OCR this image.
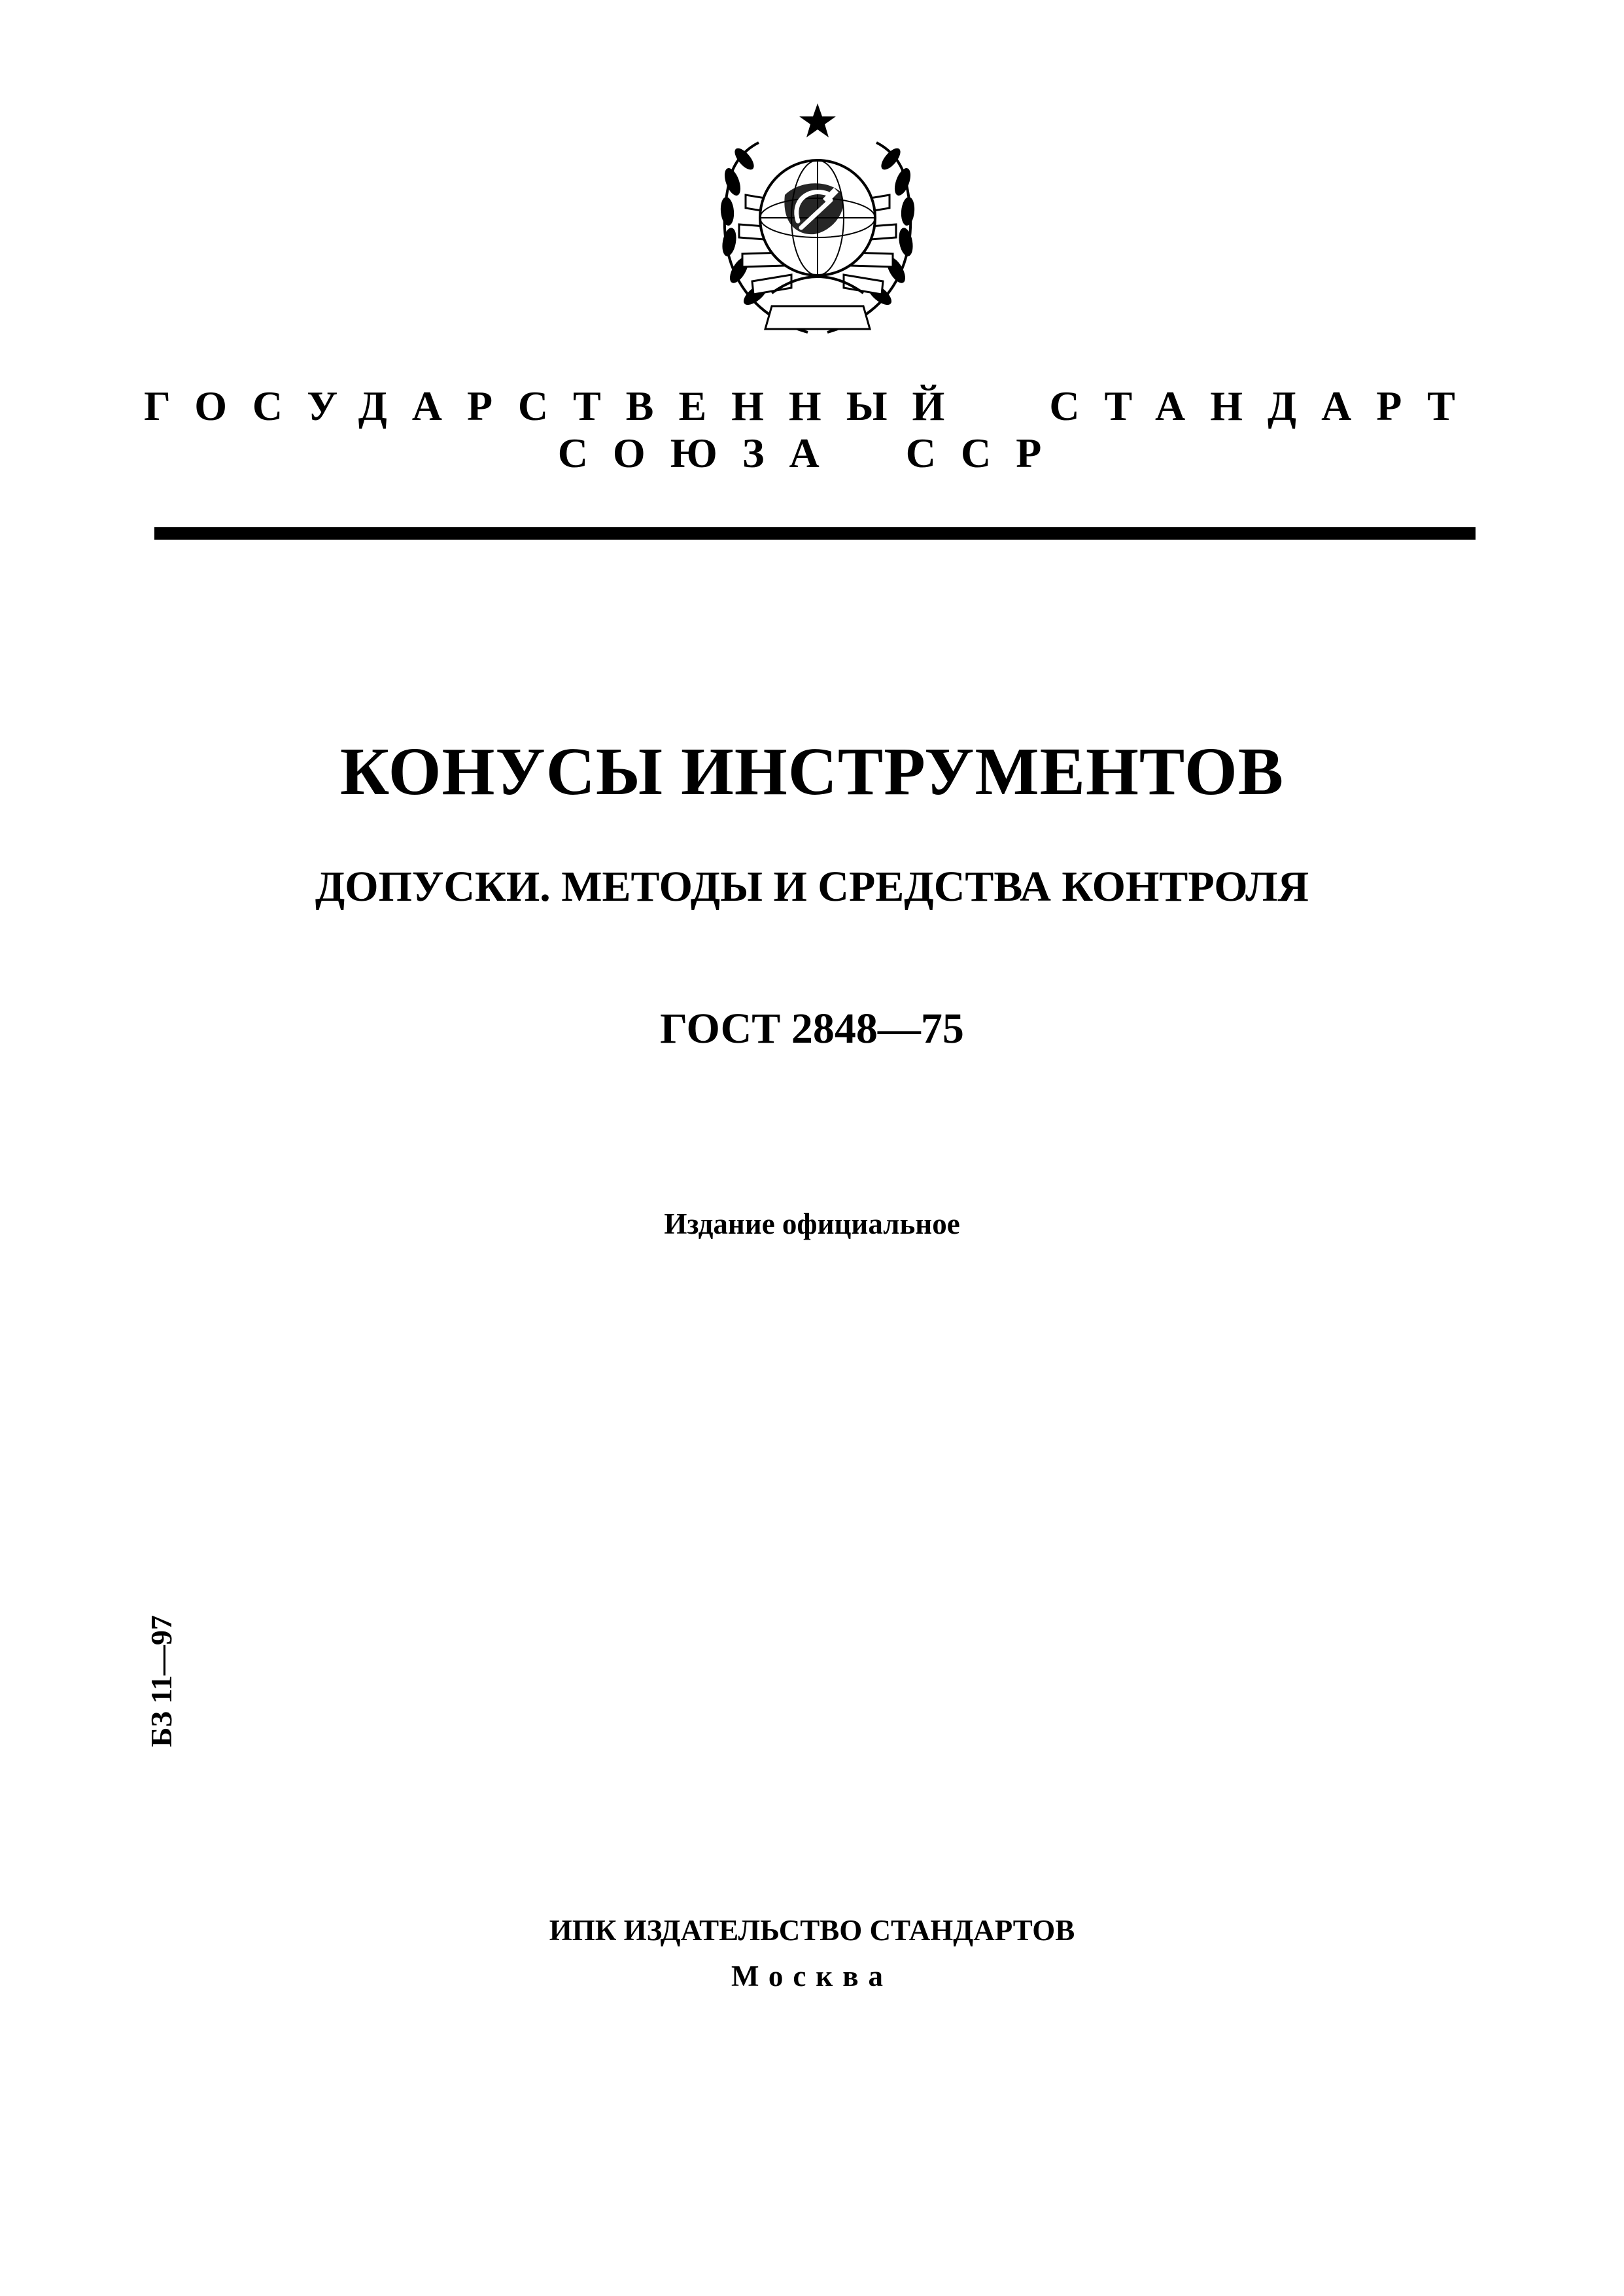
ГОСУДАРСТВЕННЫЙ СТАНДАРТ
СОЮЗА ССР
КОНУСЫ ИНСТРУМЕНТОВ
ДОПУСКИ. МЕТОДЫ И СРЕДСТВА КОНТРОЛЯ
ГОСТ 2848—75
Издание официальное
БЗ 11—97
ИПК ИЗДАТЕЛЬСТВО СТАНДАРТОВ
Москва
